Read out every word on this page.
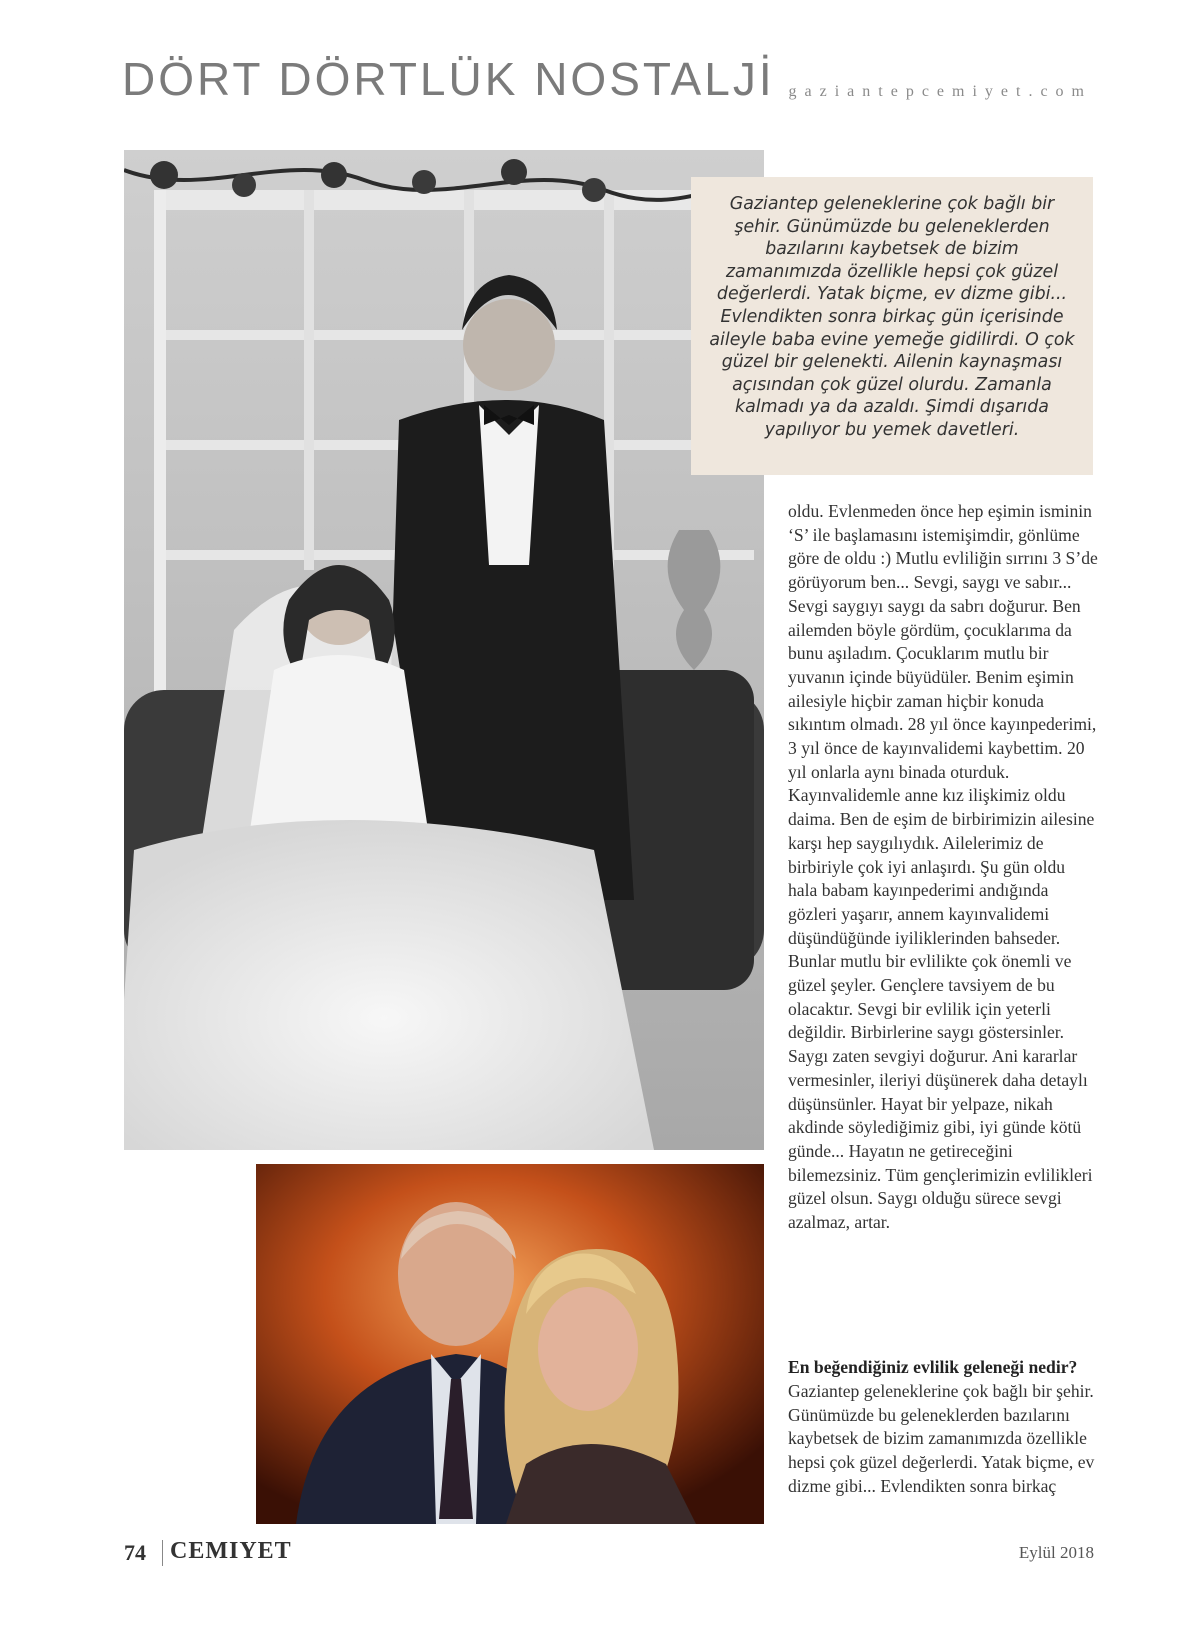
DÖRT DÖRTLÜK NOSTALJİ gaziantepcemiyet.com
Gaziantep geleneklerine çok bağlı bir şehir. Günümüzde bu geleneklerden bazılarını kaybetsek de bizim zamanımızda özellikle hepsi çok güzel değerlerdi. Yatak biçme, ev dizme gibi... Evlendikten sonra birkaç gün içerisinde aileyle baba evine yemeğe gidilirdi. O çok güzel bir gelenekti. Ailenin kaynaşması açısından çok güzel olurdu. Zamanla kalmadı ya da azaldı. Şimdi dışarıda yapılıyor bu yemek davetleri.

oldu. Evlenmeden önce hep eşimin isminin ‘S’ ile başlamasını istemişimdir, gönlüme göre de oldu :) Mutlu evliliğin sırrını 3 S’de görüyorum ben... Sevgi, saygı ve sabır... Sevgi saygıyı saygı da sabrı doğurur. Ben ailemden böyle gördüm, çocuklarıma da bunu aşıladım. Çocuklarım mutlu bir yuvanın içinde büyüdüler. Benim eşimin ailesiyle hiçbir zaman hiçbir konuda sıkıntım olmadı. 28 yıl önce kayınpederimi, 3 yıl önce de kayınvalidemi kaybettim. 20 yıl onlarla aynı binada oturduk. Kayınvalidemle anne kız ilişkimiz oldu daima. Ben de eşim de birbirimizin ailesine karşı hep saygılıydık. Ailelerimiz de birbiriyle çok iyi anlaşırdı. Şu gün oldu hala babam kayınpederimi andığında gözleri yaşarır, annem kayınvalidemi düşündüğünde iyiliklerinden bahseder. Bunlar mutlu bir evlilikte çok önemli ve güzel şeyler. Gençlere tavsiyem de bu olacaktır. Sevgi bir evlilik için yeterli değildir. Birbirlerine saygı göstersinler. Saygı zaten sevgiyi doğurur. Ani kararlar vermesinler, ileriyi düşünerek daha detaylı düşünsünler. Hayat bir yelpaze, nikah akdinde söylediğimiz gibi, iyi günde kötü günde... Hayatın ne getireceğini bilemezsiniz. Tüm gençlerimizin evlilikleri güzel olsun. Saygı olduğu sürece sevgi azalmaz, artar.

En beğendiğiniz evlilik geleneği nedir?

Gaziantep geleneklerine çok bağlı bir şehir. Günümüzde bu geleneklerden bazılarını kaybetsek de bizim zamanımızda özellikle hepsi çok güzel değerlerdi. Yatak biçme, ev dizme gibi... Evlendikten sonra birkaç

74 CEMIYET	Eylül 2018
